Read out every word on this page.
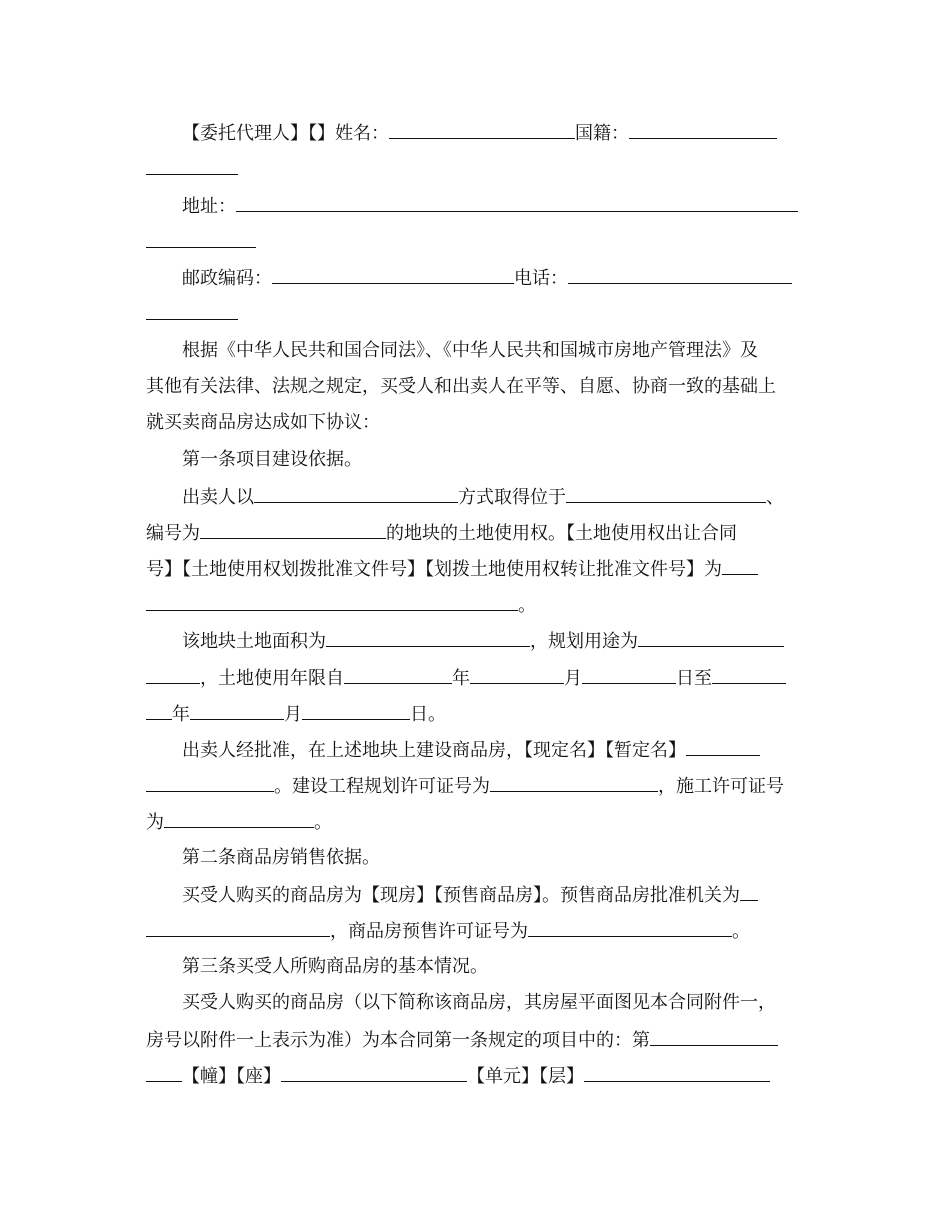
【委托代理人】【】姓名：	国籍：
地址：
邮政编码：	电话：
根据《中华人民共和国合同法》、《中华人民共和国城市房地产管理法》及
其他有关法律、法规之规定，买受人和出卖人在平等、自愿、协商一致的基础上
就买卖商品房达成如下协议：
第一条项目建设依据。
出卖人以	方式取得位于	、
编号为	的地块的土地使用权。【土地使用权出让合同
号】【土地使用权划拨批准文件号】【划拨土地使用权转让批准文件号】为
。
该地块土地面积为	，规划用途为
，土地使用年限自	年	月	日至
年	月	日。
出卖人经批准，在上述地块上建设商品房，【现定名】【暂定名】
。建设工程规划许可证号为	，施工许可证号
为	。
第二条商品房销售依据。
买受人购买的商品房为【现房】【预售商品房】。预售商品房批准机关为
，商品房预售许可证号为	。
第三条买受人所购商品房的基本情况。
买受人购买的商品房（以下简称该商品房，其房屋平面图见本合同附件一，
房号以附件一上表示为准）为本合同第一条规定的项目中的：第
【幢】【座】	【单元】【层】
